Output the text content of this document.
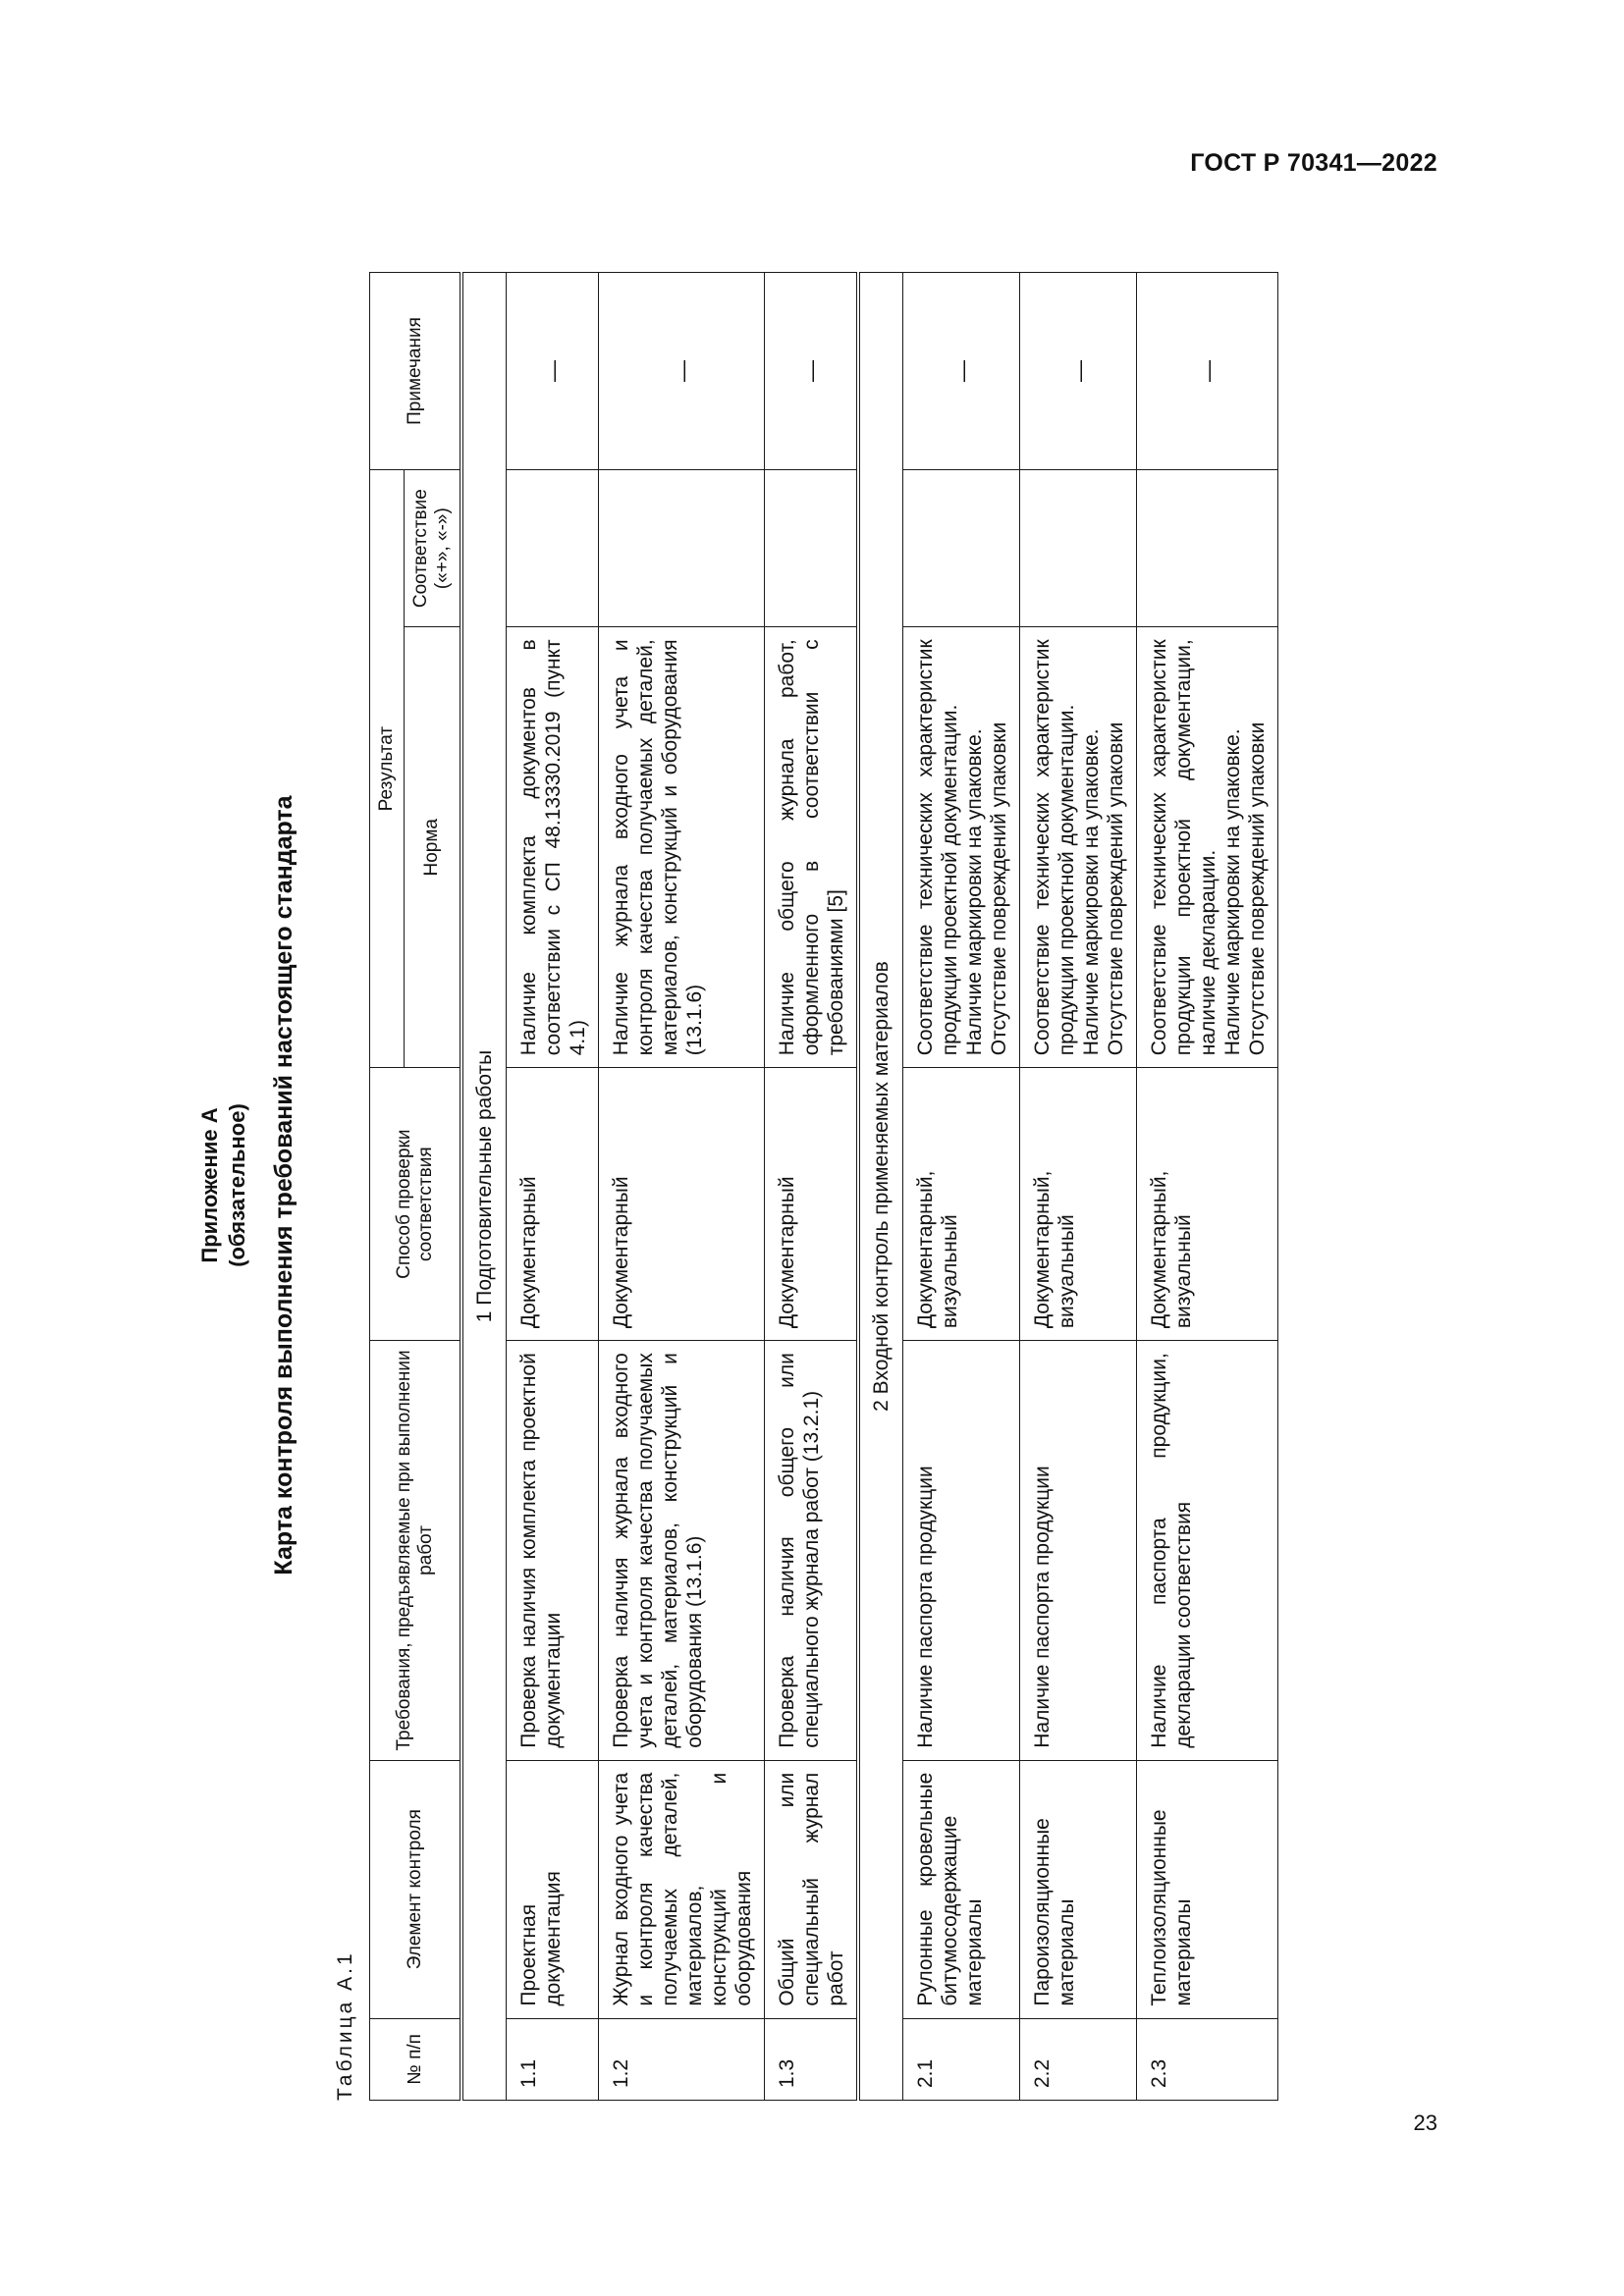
ГОСТ Р 70341—2022
Приложение А (обязательное) Карта контроля выполнения требований настоящего стандарта
Таблица А.1	№ п/п	Элемент контроля	Требования, предъявляемые при выполнении работ	Способ проверки соответствия	Результат		Примечания
				Норма	Соответствие («+», «-»)	
1 Подготовительные работы						
1.1	Проектная документация	Проверка наличия комплекта проектной документации	Документарный	Наличие комплекта документов в соответствии с СП 48.13330.2019 (пункт 4.1)		—
1.2	Журнал входного учета и контроля качества получаемых деталей, материалов, конструкций и оборудования	Проверка наличия журнала входного учета и контроля качества получаемых деталей, материалов, конструкций и оборудования (13.1.6)	Документарный	Наличие журнала входного учета и контроля качества получаемых деталей, материалов, конструкций и оборудования (13.1.6)		—
1.3	Общий или специальный журнал работ	Проверка наличия общего или специального журнала работ (13.2.1)	Документарный	Наличие общего журнала работ, оформленного в соответствии с требованиями [5]		—
2 Входной контроль применяемых материалов						
2.1	Рулонные кровельные битумосодержащие материалы	Наличие паспорта продукции	Документарный, визуальный	Соответствие технических характеристик продукции проектной документации.
Наличие маркировки на упаковке.
Отсутствие повреждений упаковки		—
2.2	Пароизоляционные материалы	Наличие паспорта продукции	Документарный, визуальный	Соответствие технических характеристик продукции проектной документации.
Наличие маркировки на упаковке.
Отсутствие повреждений упаковки		—
2.3	Теплоизоляционные материалы	Наличие паспорта продукции, декларации соответствия	Документарный, визуальный	Соответствие технических характеристик продукции проектной документации, наличие декларации.
Наличие маркировки на упаковке.
Отсутствие повреждений упаковки		—
23
